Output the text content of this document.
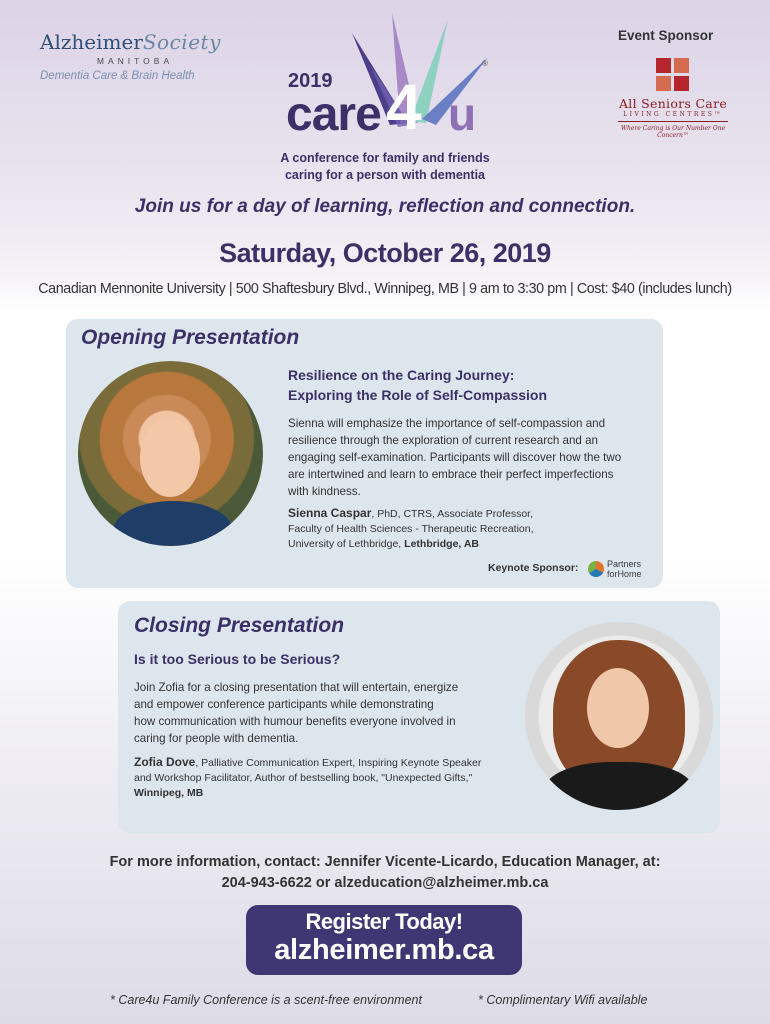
AlzheimerSociety
MANITOBA
Dementia Care & Brain Health	2019
care 4 u
®
A conference for family and friends
caring for a person with dementia
Event Sponsor
All Seniors Care
LIVING CENTRES™
Where Caring is Our Number One Concern™
Join us for a day of learning, reflection and connection.
Saturday, October 26, 2019
Canadian Mennonite University | 500 Shaftesbury Blvd., Winnipeg, MB | 9 am to 3:30 pm | Cost: $40 (includes lunch)
Opening Presentation
Resilience on the Caring Journey:
Exploring the Role of Self-Compassion
Sienna will emphasize the importance of self-compassion and
resilience through the exploration of current research and an
engaging self-examination. Participants will discover how the two
are intertwined and learn to embrace their perfect imperfections
with kindness.
Sienna Caspar, PhD, CTRS, Associate Professor,
Faculty of Health Sciences - Therapeutic Recreation,
University of Lethbridge, Lethbridge, AB
Keynote Sponsor:	Partners
forHome
Closing Presentation
Is it too Serious to be Serious?
Join Zofia for a closing presentation that will entertain, energize
and empower conference participants while demonstrating
how communication with humour benefits everyone involved in
caring for people with dementia.
Zofia Dove, Palliative Communication Expert, Inspiring Keynote Speaker
and Workshop Facilitator, Author of bestselling book, "Unexpected Gifts,"
Winnipeg, MB
For more information, contact: Jennifer Vicente-Licardo, Education Manager, at:
204-943-6622 or alzeducation@alzheimer.mb.ca
Register Today!
alzheimer.mb.ca
* Care4u Family Conference is a scent-free environment	* Complimentary Wifi available
